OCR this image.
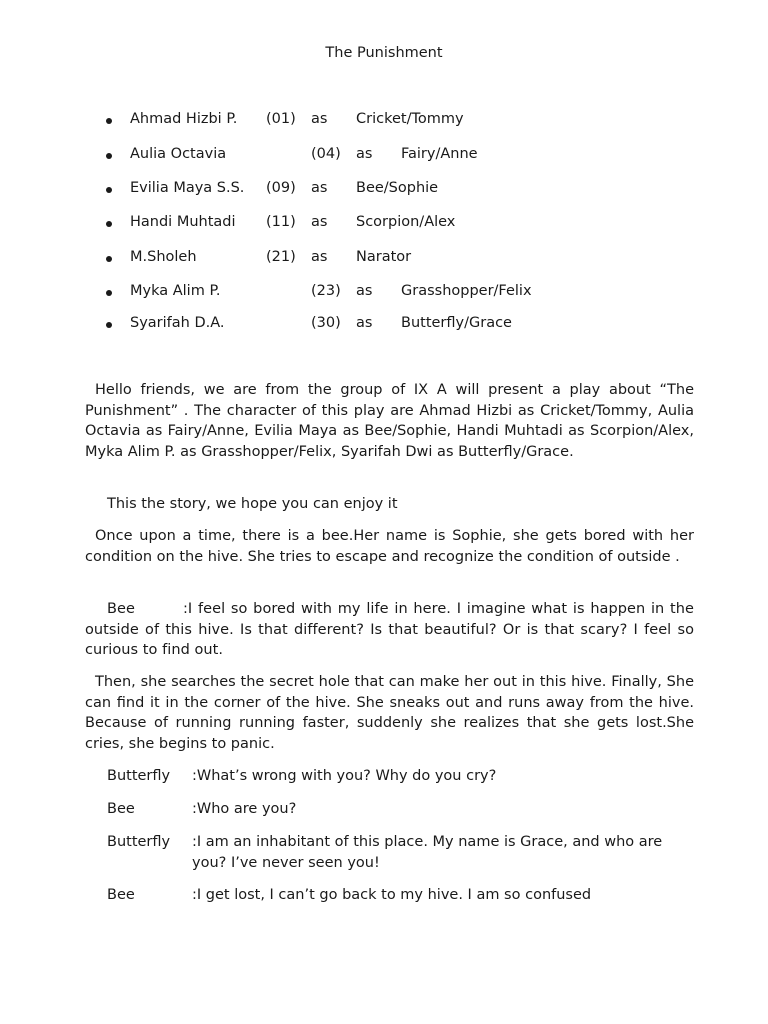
The Punishment
Ahmad Hizbi P. (01) as Cricket/Tommy
Aulia Octavia	(04) as Fairy/Anne
Evilia Maya S.S. (09) as Bee/Sophie
Handi Muhtadi (11) as Scorpion/Alex
M.Sholeh	(21) as Narator
Myka Alim P.	(23) as Grasshopper/Felix
Syarifah D.A.	(30) as Butterfly/Grace
Hello friends, we are from the group of IX A will present a play about “The Punishment” . The character of this play are Ahmad Hizbi as Cricket/Tommy, Aulia Octavia as Fairy/Anne, Evilia Maya as Bee/Sophie, Handi Muhtadi as Scorpion/Alex, Myka Alim P. as Grasshopper/Felix, Syarifah Dwi as Butterfly/Grace.
This the story, we hope you can enjoy it
Once upon a time, there is a bee.Her name is Sophie, she gets bored with her condition on the hive. She tries to escape and recognize the condition of outside .
Bee	:I feel so bored with my life in here. I imagine what is happen in the outside of this hive. Is that different? Is that beautiful? Or is that scary? I feel so curious to find out.
Then, she searches the secret hole that can make her out in this hive. Finally, She can find it in the corner of the hive. She sneaks out and runs away from the hive. Because of running running faster, suddenly she realizes that she gets lost.She cries, she begins to panic.
Butterfly :What’s wrong with you? Why do you cry?
Bee	:Who are you?
Butterfly :I am an inhabitant of this place. My name is Grace, and who are you? I’ve never seen you!
Bee	:I get lost, I can’t go back to my hive. I am so confused
